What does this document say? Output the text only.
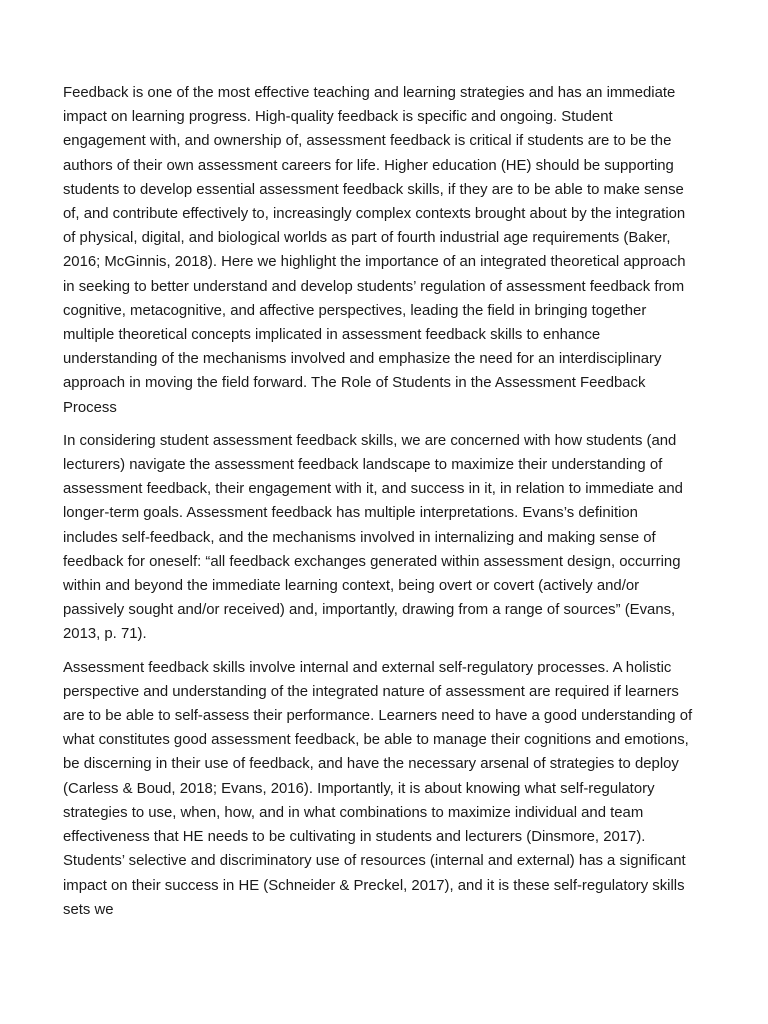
Feedback is one of the most effective teaching and learning strategies and has an immediate impact on learning progress. High-quality feedback is specific and ongoing. Student engagement with, and ownership of, assessment feedback is critical if students are to be the authors of their own assessment careers for life. Higher education (HE) should be supporting students to develop essential assessment feedback skills, if they are to be able to make sense of, and contribute effectively to, increasingly complex contexts brought about by the integration of physical, digital, and biological worlds as part of fourth industrial age requirements (Baker, 2016; McGinnis, 2018). Here we highlight the importance of an integrated theoretical approach in seeking to better understand and develop students’ regulation of assessment feedback from cognitive, metacognitive, and affective perspectives, leading the field in bringing together multiple theoretical concepts implicated in assessment feedback skills to enhance understanding of the mechanisms involved and emphasize the need for an interdisciplinary approach in moving the field forward. The Role of Students in the Assessment Feedback Process

In considering student assessment feedback skills, we are concerned with how students (and lecturers) navigate the assessment feedback landscape to maximize their understanding of assessment feedback, their engagement with it, and success in it, in relation to immediate and longer-term goals. Assessment feedback has multiple interpretations. Evans’s definition includes self-feedback, and the mechanisms involved in internalizing and making sense of feedback for oneself: “all feedback exchanges generated within assessment design, occurring within and beyond the immediate learning context, being overt or covert (actively and/or passively sought and/or received) and, importantly, drawing from a range of sources” (Evans, 2013, p. 71).

Assessment feedback skills involve internal and external self-regulatory processes. A holistic perspective and understanding of the integrated nature of assessment are required if learners are to be able to self-assess their performance. Learners need to have a good understanding of what constitutes good assessment feedback, be able to manage their cognitions and emotions, be discerning in their use of feedback, and have the necessary arsenal of strategies to deploy (Carless & Boud, 2018; Evans, 2016). Importantly, it is about knowing what self-regulatory strategies to use, when, how, and in what combinations to maximize individual and team effectiveness that HE needs to be cultivating in students and lecturers (Dinsmore, 2017). Students’ selective and discriminatory use of resources (internal and external) has a significant impact on their success in HE (Schneider & Preckel, 2017), and it is these self-regulatory skills sets we
